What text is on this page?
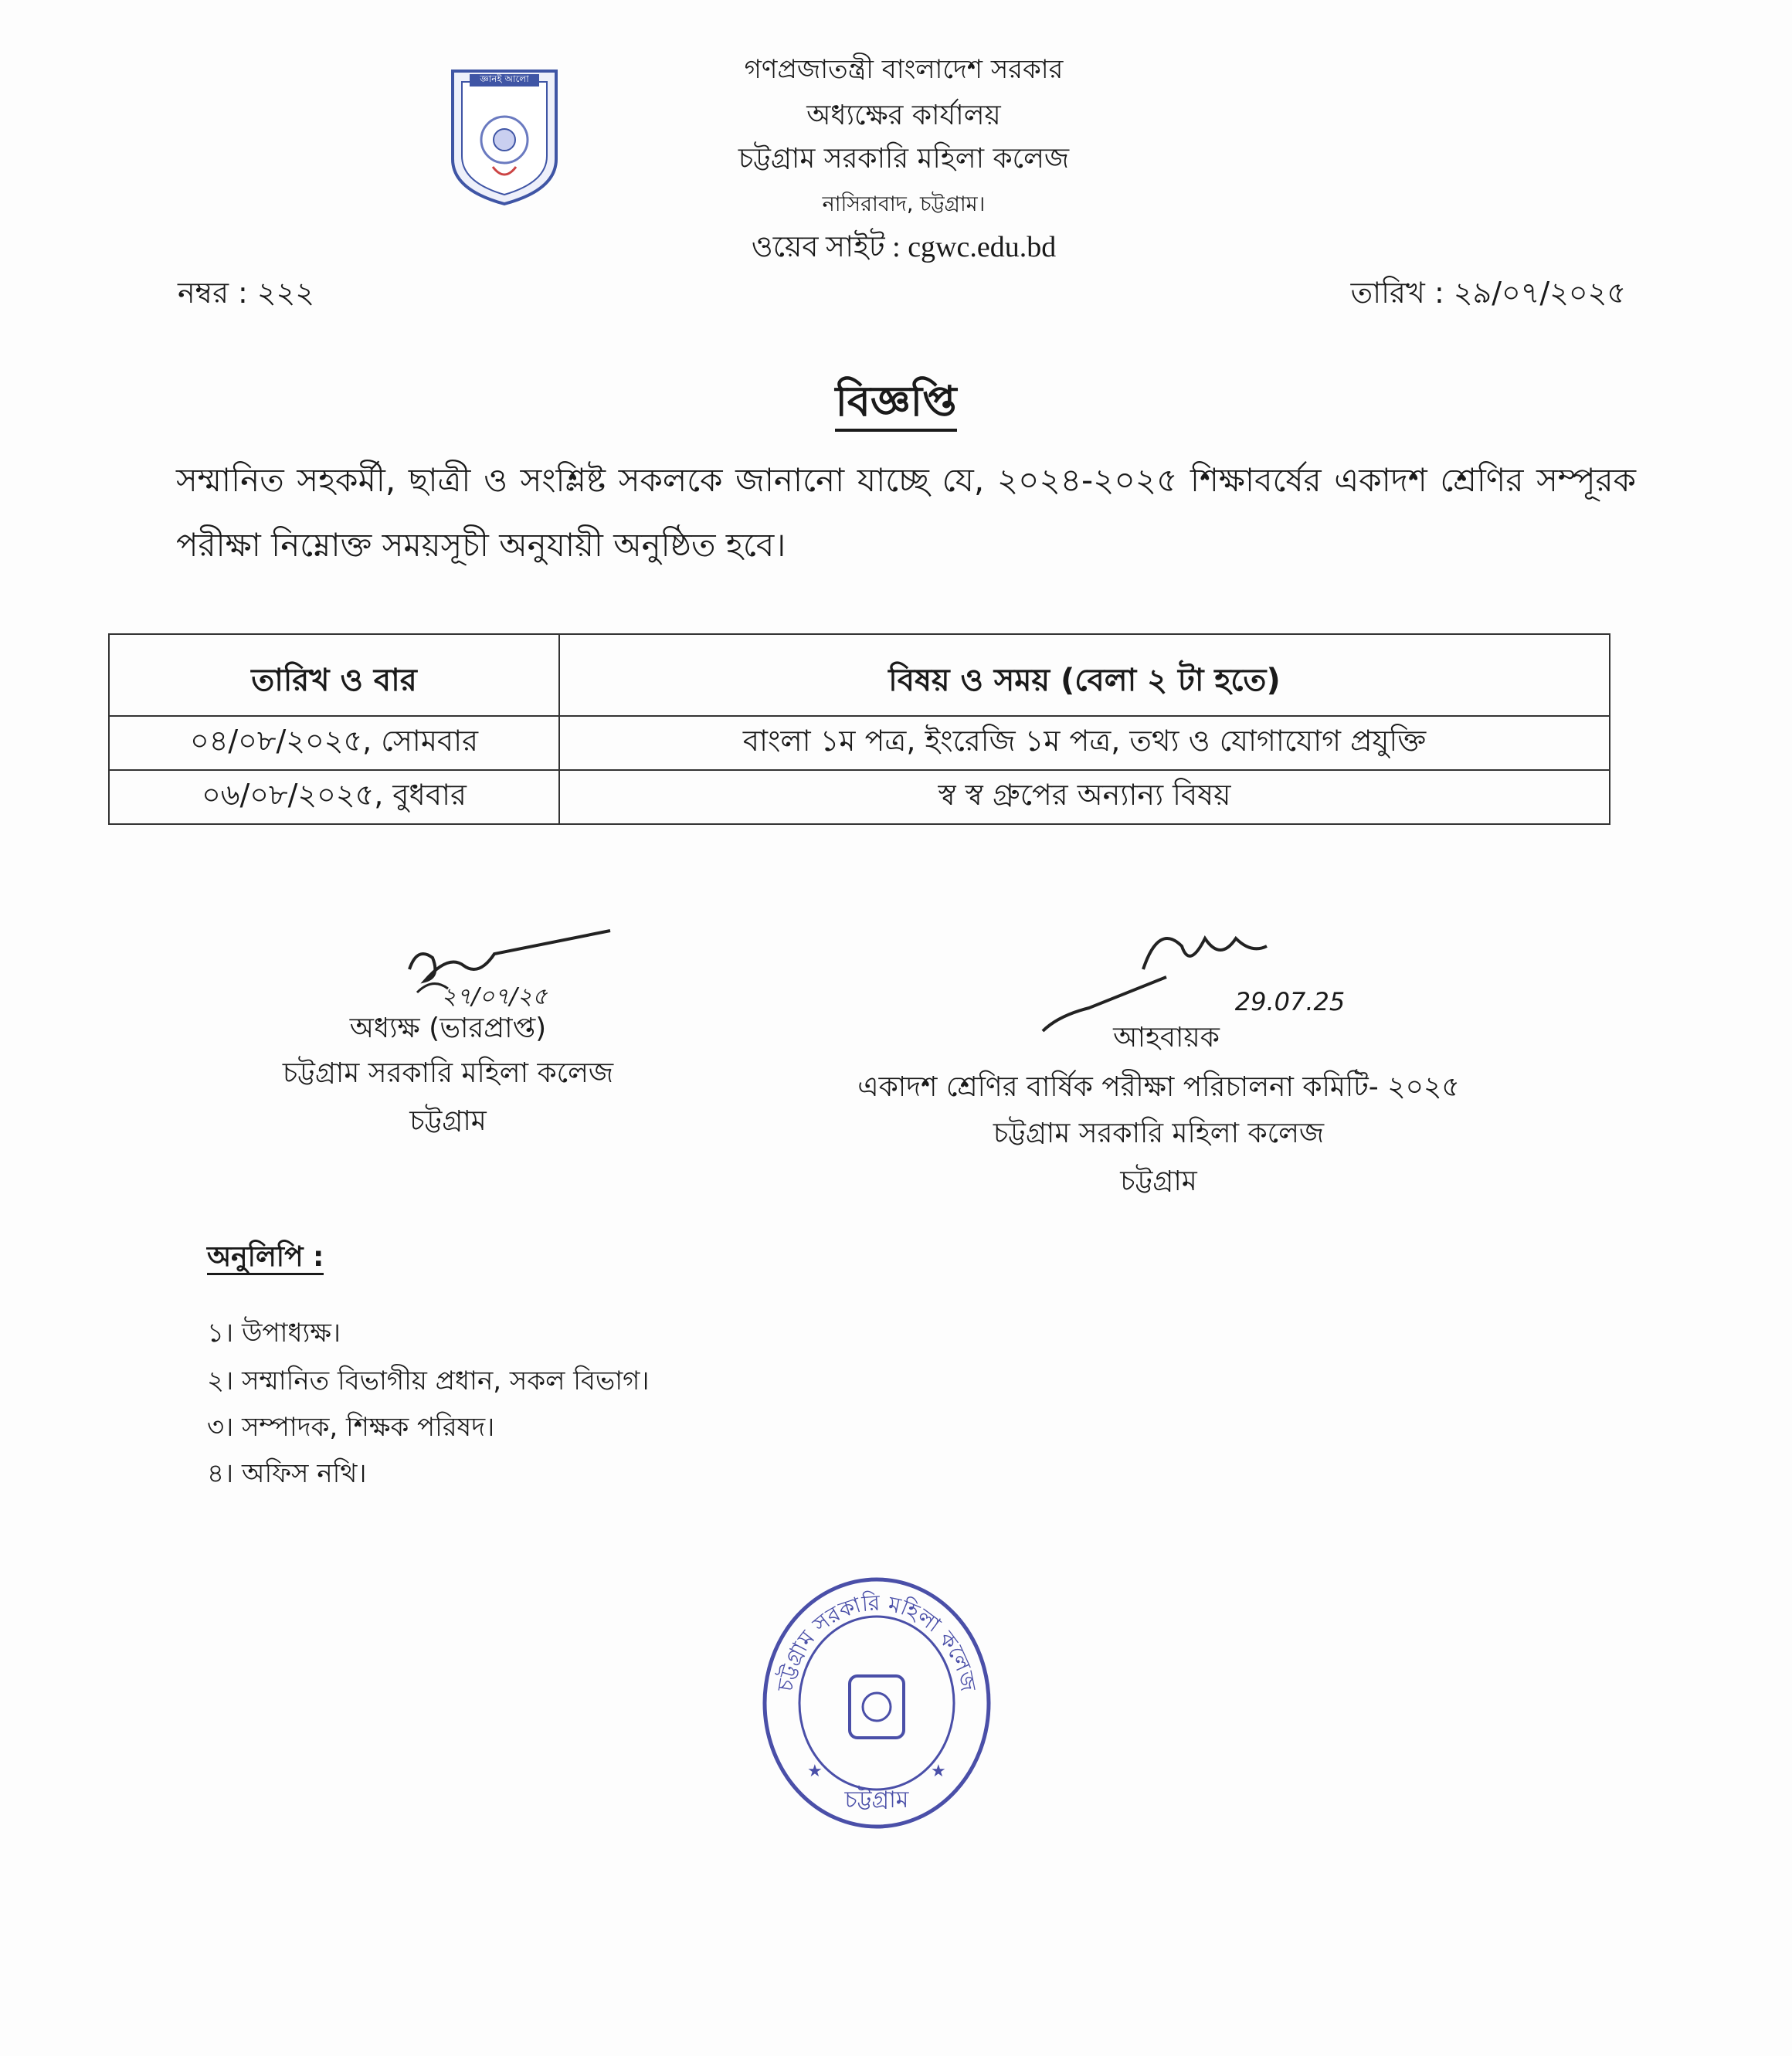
জ্ঞানই আলো	গণপ্রজাতন্ত্রী বাংলাদেশ সরকার
অধ্যক্ষের কার্যালয়
চট্টগ্রাম সরকারি মহিলা কলেজ
নাসিরাবাদ, চট্টগ্রাম।
ওয়েব সাইট : cgwc.edu.bd
নম্বর : ২২২	তারিখ : ২৯/০৭/২০২৫
বিজ্ঞপ্তি
সম্মানিত সহকর্মী, ছাত্রী ও সংশ্লিষ্ট সকলকে জানানো যাচ্ছে যে, ২০২৪-২০২৫ শিক্ষাবর্ষের একাদশ শ্রেণির সম্পূরক পরীক্ষা নিম্নোক্ত সময়সূচী অনুযায়ী অনুষ্ঠিত হবে।
তারিখ ও বার	বিষয় ও সময় (বেলা ২ টা হতে)
০৪/০৮/২০২৫, সোমবার	বাংলা ১ম পত্র, ইংরেজি ১ম পত্র, তথ্য ও যোগাযোগ প্রযুক্তি
০৬/০৮/২০২৫, বুধবার	স্ব স্ব গ্রুপের অন্যান্য বিষয়
২৭/০৭/২৫
অধ্যক্ষ (ভারপ্রাপ্ত)
চট্টগ্রাম সরকারি মহিলা কলেজ
চট্টগ্রাম
29.07.25
আহবায়ক
একাদশ শ্রেণির বার্ষিক পরীক্ষা পরিচালনা কমিটি- ২০২৫
চট্টগ্রাম সরকারি মহিলা কলেজ
চট্টগ্রাম
অনুলিপি :
১। উপাধ্যক্ষ।
২। সম্মানিত বিভাগীয় প্রধান, সকল বিভাগ।
৩। সম্পাদক, শিক্ষক পরিষদ।
৪। অফিস নথি।
চট্টগ্রাম সরকারি মহিলা কলেজ
★	★
চট্টগ্রাম
